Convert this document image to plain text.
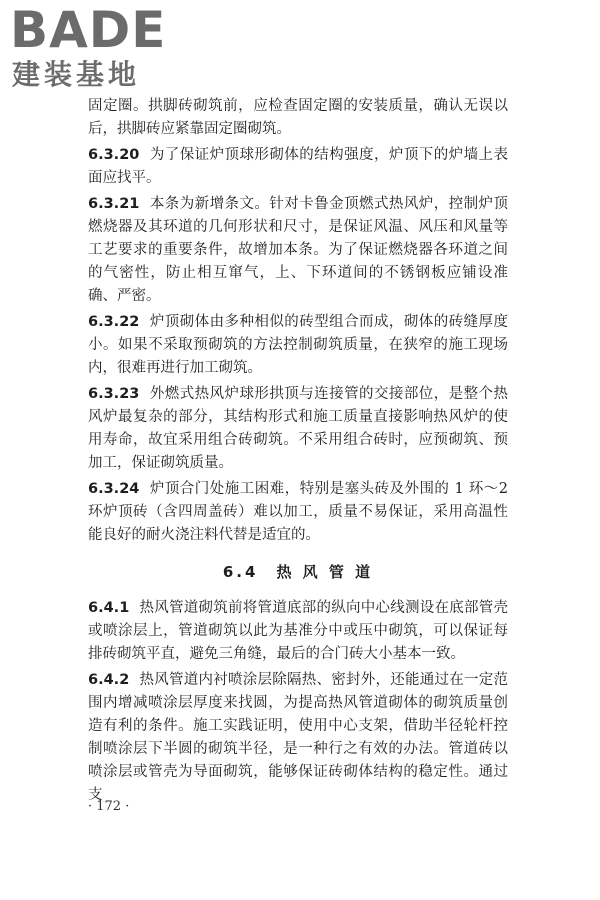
BADE
建装基地

固定圈。拱脚砖砌筑前，应检查固定圈的安装质量，确认无误以后，拱脚砖应紧靠固定圈砌筑。

6.3.20 为了保证炉顶球形砌体的结构强度，炉顶下的炉墙上表面应找平。

6.3.21 本条为新增条文。针对卡鲁金顶燃式热风炉，控制炉顶燃烧器及其环道的几何形状和尺寸，是保证风温、风压和风量等工艺要求的重要条件，故增加本条。为了保证燃烧器各环道之间的气密性，防止相互窜气，上、下环道间的不锈钢板应铺设准确、严密。

6.3.22 炉顶砌体由多种相似的砖型组合而成，砌体的砖缝厚度小。如果不采取预砌筑的方法控制砌筑质量，在狭窄的施工现场内，很难再进行加工砌筑。

6.3.23 外燃式热风炉球形拱顶与连接管的交接部位，是整个热风炉最复杂的部分，其结构形式和施工质量直接影响热风炉的使用寿命，故宜采用组合砖砌筑。不采用组合砖时，应预砌筑、预加工，保证砌筑质量。

6.3.24 炉顶合门处施工困难，特别是塞头砖及外围的 1 环～2 环炉顶砖（含四周盖砖）难以加工，质量不易保证，采用高温性能良好的耐火浇注料代替是适宜的。

6.4　热 风 管 道

6.4.1 热风管道砌筑前将管道底部的纵向中心线测设在底部管壳或喷涂层上，管道砌筑以此为基准分中或压中砌筑，可以保证每排砖砌筑平直，避免三角缝，最后的合门砖大小基本一致。

6.4.2 热风管道内衬喷涂层除隔热、密封外，还能通过在一定范围内增减喷涂层厚度来找圆，为提高热风管道砌体的砌筑质量创造有利的条件。施工实践证明，使用中心支架，借助半径轮杆控制喷涂层下半圆的砌筑半径，是一种行之有效的办法。管道砖以喷涂层或管壳为导面砌筑，能够保证砖砌体结构的稳定性。通过支

· 172 ·
